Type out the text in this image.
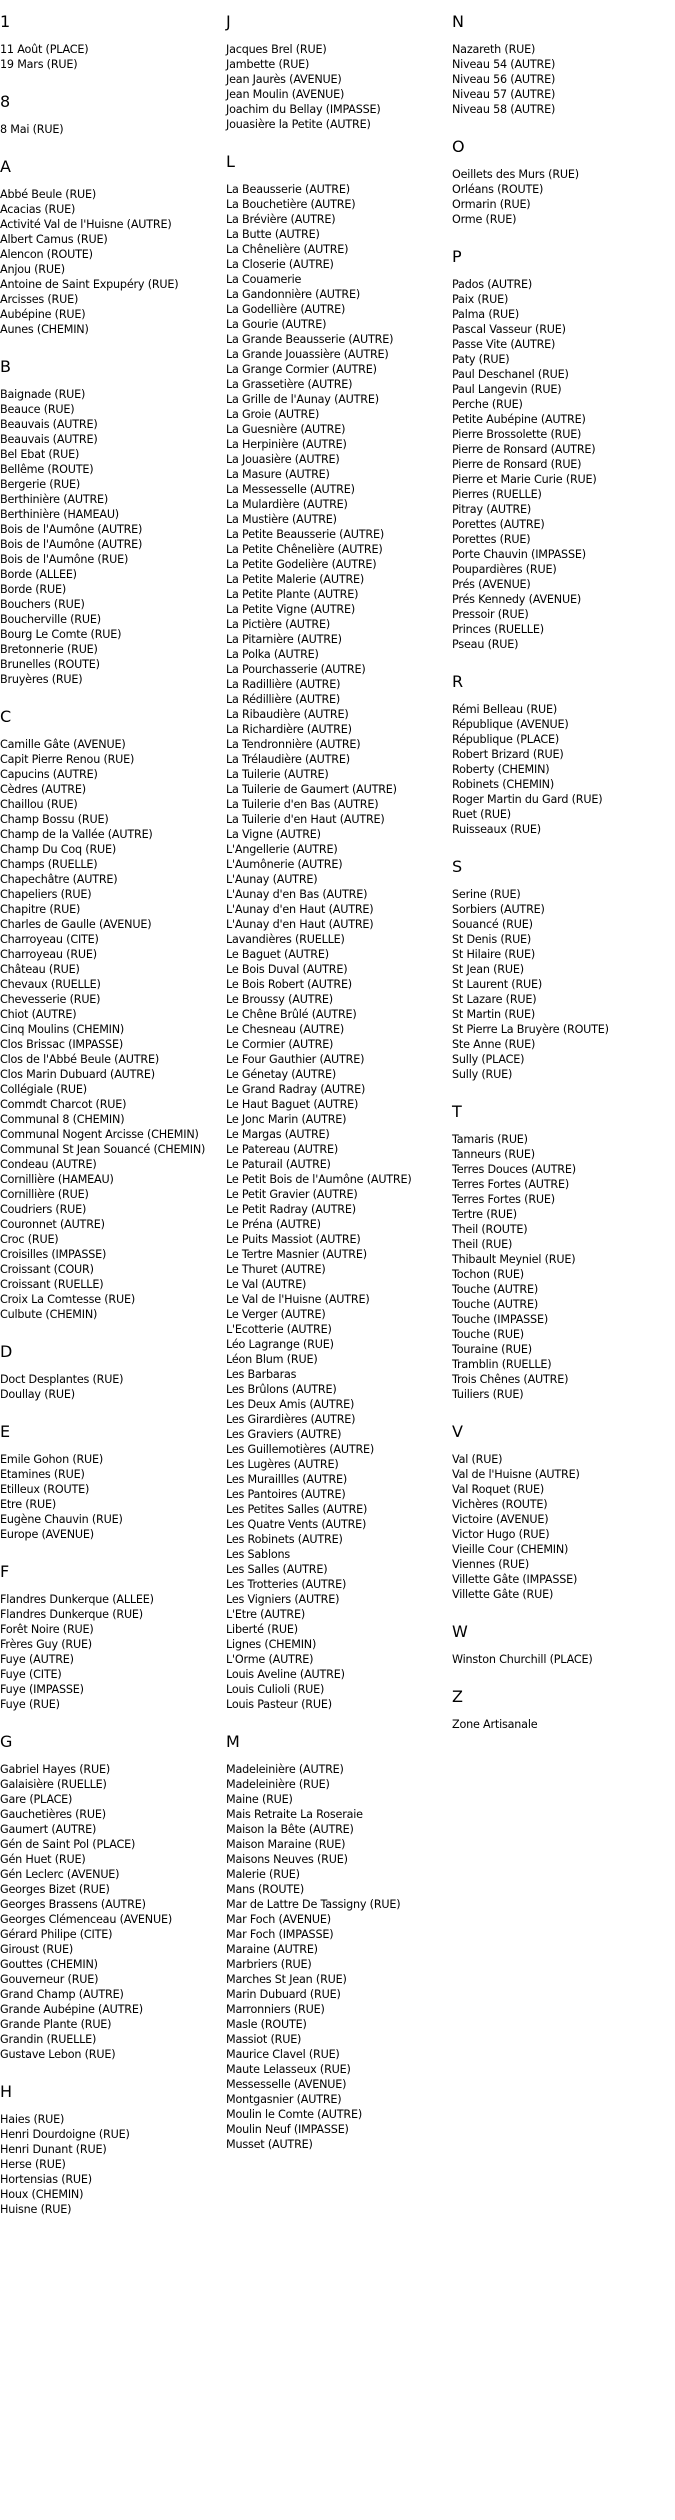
1
11 Août (PLACE)
19 Mars (RUE)
8
8 Mai (RUE)
A
Abbé Beule (RUE)
Acacias (RUE)
Activité Val de l'Huisne (AUTRE)
Albert Camus (RUE)
Alencon (ROUTE)
Anjou (RUE)
Antoine de Saint Expupéry (RUE)
Arcisses (RUE)
Aubépine (RUE)
Aunes (CHEMIN)
B
Baignade (RUE)
Beauce (RUE)
Beauvais (AUTRE)
Beauvais (AUTRE)
Bel Ebat (RUE)
Bellême (ROUTE)
Bergerie (RUE)
Berthinière (AUTRE)
Berthinière (HAMEAU)
Bois de l'Aumône (AUTRE)
Bois de l'Aumône (AUTRE)
Bois de l'Aumône (RUE)
Borde (ALLEE)
Borde (RUE)
Bouchers (RUE)
Boucherville (RUE)
Bourg Le Comte (RUE)
Bretonnerie (RUE)
Brunelles (ROUTE)
Bruyères (RUE)
C
Camille Gâte (AVENUE)
Capit Pierre Renou (RUE)
Capucins (AUTRE)
Cèdres (AUTRE)
Chaillou (RUE)
Champ Bossu (RUE)
Champ de la Vallée (AUTRE)
Champ Du Coq (RUE)
Champs (RUELLE)
Chapechâtre (AUTRE)
Chapeliers (RUE)
Chapitre (RUE)
Charles de Gaulle (AVENUE)
Charroyeau (CITE)
Charroyeau (RUE)
Château (RUE)
Chevaux (RUELLE)
Chevesserie (RUE)
Chiot (AUTRE)
Cinq Moulins (CHEMIN)
Clos Brissac (IMPASSE)
Clos de l'Abbé Beule (AUTRE)
Clos Marin Dubuard (AUTRE)
Collégiale (RUE)
Commdt Charcot (RUE)
Communal 8 (CHEMIN)
Communal Nogent Arcisse (CHEMIN)
Communal St Jean Souancé (CHEMIN)
Condeau (AUTRE)
Cornillière (HAMEAU)
Cornillière (RUE)
Coudriers (RUE)
Couronnet (AUTRE)
Croc (RUE)
Croisilles (IMPASSE)
Croissant (COUR)
Croissant (RUELLE)
Croix La Comtesse (RUE)
Culbute (CHEMIN)
D
Doct Desplantes (RUE)
Doullay (RUE)
E
Emile Gohon (RUE)
Etamines (RUE)
Etilleux (ROUTE)
Etre (RUE)
Eugène Chauvin (RUE)
Europe (AVENUE)
F
Flandres Dunkerque (ALLEE)
Flandres Dunkerque (RUE)
Forêt Noire (RUE)
Frères Guy (RUE)
Fuye (AUTRE)
Fuye (CITE)
Fuye (IMPASSE)
Fuye (RUE)
G
Gabriel Hayes (RUE)
Galaisière (RUELLE)
Gare (PLACE)
Gauchetières (RUE)
Gaumert (AUTRE)
Gén de Saint Pol (PLACE)
Gén Huet (RUE)
Gén Leclerc (AVENUE)
Georges Bizet (RUE)
Georges Brassens (AUTRE)
Georges Clémenceau (AVENUE)
Gérard Philipe (CITE)
Giroust (RUE)
Gouttes (CHEMIN)
Gouverneur (RUE)
Grand Champ (AUTRE)
Grande Aubépine (AUTRE)
Grande Plante (RUE)
Grandin (RUELLE)
Gustave Lebon (RUE)
H
Haies (RUE)
Henri Dourdoigne (RUE)
Henri Dunant (RUE)
Herse (RUE)
Hortensias (RUE)
Houx (CHEMIN)
Huisne (RUE)
J
Jacques Brel (RUE)
Jambette (RUE)
Jean Jaurès (AVENUE)
Jean Moulin (AVENUE)
Joachim du Bellay (IMPASSE)
Jouasière la Petite (AUTRE)
L
La Beausserie (AUTRE)
La Bouchetière (AUTRE)
La Brévière (AUTRE)
La Butte (AUTRE)
La Chênelière (AUTRE)
La Closerie (AUTRE)
La Couamerie
La Gandonnière (AUTRE)
La Godellière (AUTRE)
La Gourie (AUTRE)
La Grande Beausserie (AUTRE)
La Grande Jouassière (AUTRE)
La Grange Cormier (AUTRE)
La Grassetière (AUTRE)
La Grille de l'Aunay (AUTRE)
La Groie (AUTRE)
La Guesnière (AUTRE)
La Herpinière (AUTRE)
La Jouasière (AUTRE)
La Masure (AUTRE)
La Messesselle (AUTRE)
La Mulardière (AUTRE)
La Mustière (AUTRE)
La Petite Beausserie (AUTRE)
La Petite Chênelière (AUTRE)
La Petite Godelière (AUTRE)
La Petite Malerie (AUTRE)
La Petite Plante (AUTRE)
La Petite Vigne (AUTRE)
La Pictière (AUTRE)
La Pitarnière (AUTRE)
La Polka (AUTRE)
La Pourchasserie (AUTRE)
La Radillière (AUTRE)
La Rédillière (AUTRE)
La Ribaudière (AUTRE)
La Richardière (AUTRE)
La Tendronnière (AUTRE)
La Trélaudière (AUTRE)
La Tuilerie (AUTRE)
La Tuilerie de Gaumert (AUTRE)
La Tuilerie d'en Bas (AUTRE)
La Tuilerie d'en Haut (AUTRE)
La Vigne (AUTRE)
L'Angellerie (AUTRE)
L'Aumônerie (AUTRE)
L'Aunay (AUTRE)
L'Aunay d'en Bas (AUTRE)
L'Aunay d'en Haut (AUTRE)
L'Aunay d'en Haut (AUTRE)
Lavandières (RUELLE)
Le Baguet (AUTRE)
Le Bois Duval (AUTRE)
Le Bois Robert (AUTRE)
Le Broussy (AUTRE)
Le Chêne Brûlé (AUTRE)
Le Chesneau (AUTRE)
Le Cormier (AUTRE)
Le Four Gauthier (AUTRE)
Le Génetay (AUTRE)
Le Grand Radray (AUTRE)
Le Haut Baguet (AUTRE)
Le Jonc Marin (AUTRE)
Le Margas (AUTRE)
Le Patereau (AUTRE)
Le Paturail (AUTRE)
Le Petit Bois de l'Aumône (AUTRE)
Le Petit Gravier (AUTRE)
Le Petit Radray (AUTRE)
Le Préna (AUTRE)
Le Puits Massiot (AUTRE)
Le Tertre Masnier (AUTRE)
Le Thuret (AUTRE)
Le Val (AUTRE)
Le Val de l'Huisne (AUTRE)
Le Verger (AUTRE)
L'Ecotterie (AUTRE)
Léo Lagrange (RUE)
Léon Blum (RUE)
Les Barbaras
Les Brûlons (AUTRE)
Les Deux Amis (AUTRE)
Les Girardières (AUTRE)
Les Graviers (AUTRE)
Les Guillemotières (AUTRE)
Les Lugères (AUTRE)
Les Muraillles (AUTRE)
Les Pantoires (AUTRE)
Les Petites Salles (AUTRE)
Les Quatre Vents (AUTRE)
Les Robinets (AUTRE)
Les Sablons
Les Salles (AUTRE)
Les Trotteries (AUTRE)
Les Vigniers (AUTRE)
L'Etre (AUTRE)
Liberté (RUE)
Lignes (CHEMIN)
L'Orme (AUTRE)
Louis Aveline (AUTRE)
Louis Culioli (RUE)
Louis Pasteur (RUE)
M
Madeleinière (AUTRE)
Madeleinière (RUE)
Maine (RUE)
Mais Retraite La Roseraie
Maison la Bête (AUTRE)
Maison Maraine (RUE)
Maisons Neuves (RUE)
Malerie (RUE)
Mans (ROUTE)
Mar de Lattre De Tassigny (RUE)
Mar Foch (AVENUE)
Mar Foch (IMPASSE)
Maraine (AUTRE)
Marbriers (RUE)
Marches St Jean (RUE)
Marin Dubuard (RUE)
Marronniers (RUE)
Masle (ROUTE)
Massiot (RUE)
Maurice Clavel (RUE)
Maute Lelasseux (RUE)
Messesselle (AVENUE)
Montgasnier (AUTRE)
Moulin le Comte (AUTRE)
Moulin Neuf (IMPASSE)
Musset (AUTRE)
N
Nazareth (RUE)
Niveau 54 (AUTRE)
Niveau 56 (AUTRE)
Niveau 57 (AUTRE)
Niveau 58 (AUTRE)
O
Oeillets des Murs (RUE)
Orléans (ROUTE)
Ormarin (RUE)
Orme (RUE)
P
Pados (AUTRE)
Paix (RUE)
Palma (RUE)
Pascal Vasseur (RUE)
Passe Vite (AUTRE)
Paty (RUE)
Paul Deschanel (RUE)
Paul Langevin (RUE)
Perche (RUE)
Petite Aubépine (AUTRE)
Pierre Brossolette (RUE)
Pierre de Ronsard (AUTRE)
Pierre de Ronsard (RUE)
Pierre et Marie Curie (RUE)
Pierres (RUELLE)
Pitray (AUTRE)
Porettes (AUTRE)
Porettes (RUE)
Porte Chauvin (IMPASSE)
Poupardières (RUE)
Prés (AVENUE)
Prés Kennedy (AVENUE)
Pressoir (RUE)
Princes (RUELLE)
Pseau (RUE)
R
Rémi Belleau (RUE)
République (AVENUE)
République (PLACE)
Robert Brizard (RUE)
Roberty (CHEMIN)
Robinets (CHEMIN)
Roger Martin du Gard (RUE)
Ruet (RUE)
Ruisseaux (RUE)
S
Serine (RUE)
Sorbiers (AUTRE)
Souancé (RUE)
St Denis (RUE)
St Hilaire (RUE)
St Jean (RUE)
St Laurent (RUE)
St Lazare (RUE)
St Martin (RUE)
St Pierre La Bruyère (ROUTE)
Ste Anne (RUE)
Sully (PLACE)
Sully (RUE)
T
Tamaris (RUE)
Tanneurs (RUE)
Terres Douces (AUTRE)
Terres Fortes (AUTRE)
Terres Fortes (RUE)
Tertre (RUE)
Theil (ROUTE)
Theil (RUE)
Thibault Meyniel (RUE)
Tochon (RUE)
Touche (AUTRE)
Touche (AUTRE)
Touche (IMPASSE)
Touche (RUE)
Touraine (RUE)
Tramblin (RUELLE)
Trois Chênes (AUTRE)
Tuiliers (RUE)
V
Val (RUE)
Val de l'Huisne (AUTRE)
Val Roquet (RUE)
Vichères (ROUTE)
Victoire (AVENUE)
Victor Hugo (RUE)
Vieille Cour (CHEMIN)
Viennes (RUE)
Villette Gâte (IMPASSE)
Villette Gâte (RUE)
W
Winston Churchill (PLACE)
Z
Zone Artisanale
